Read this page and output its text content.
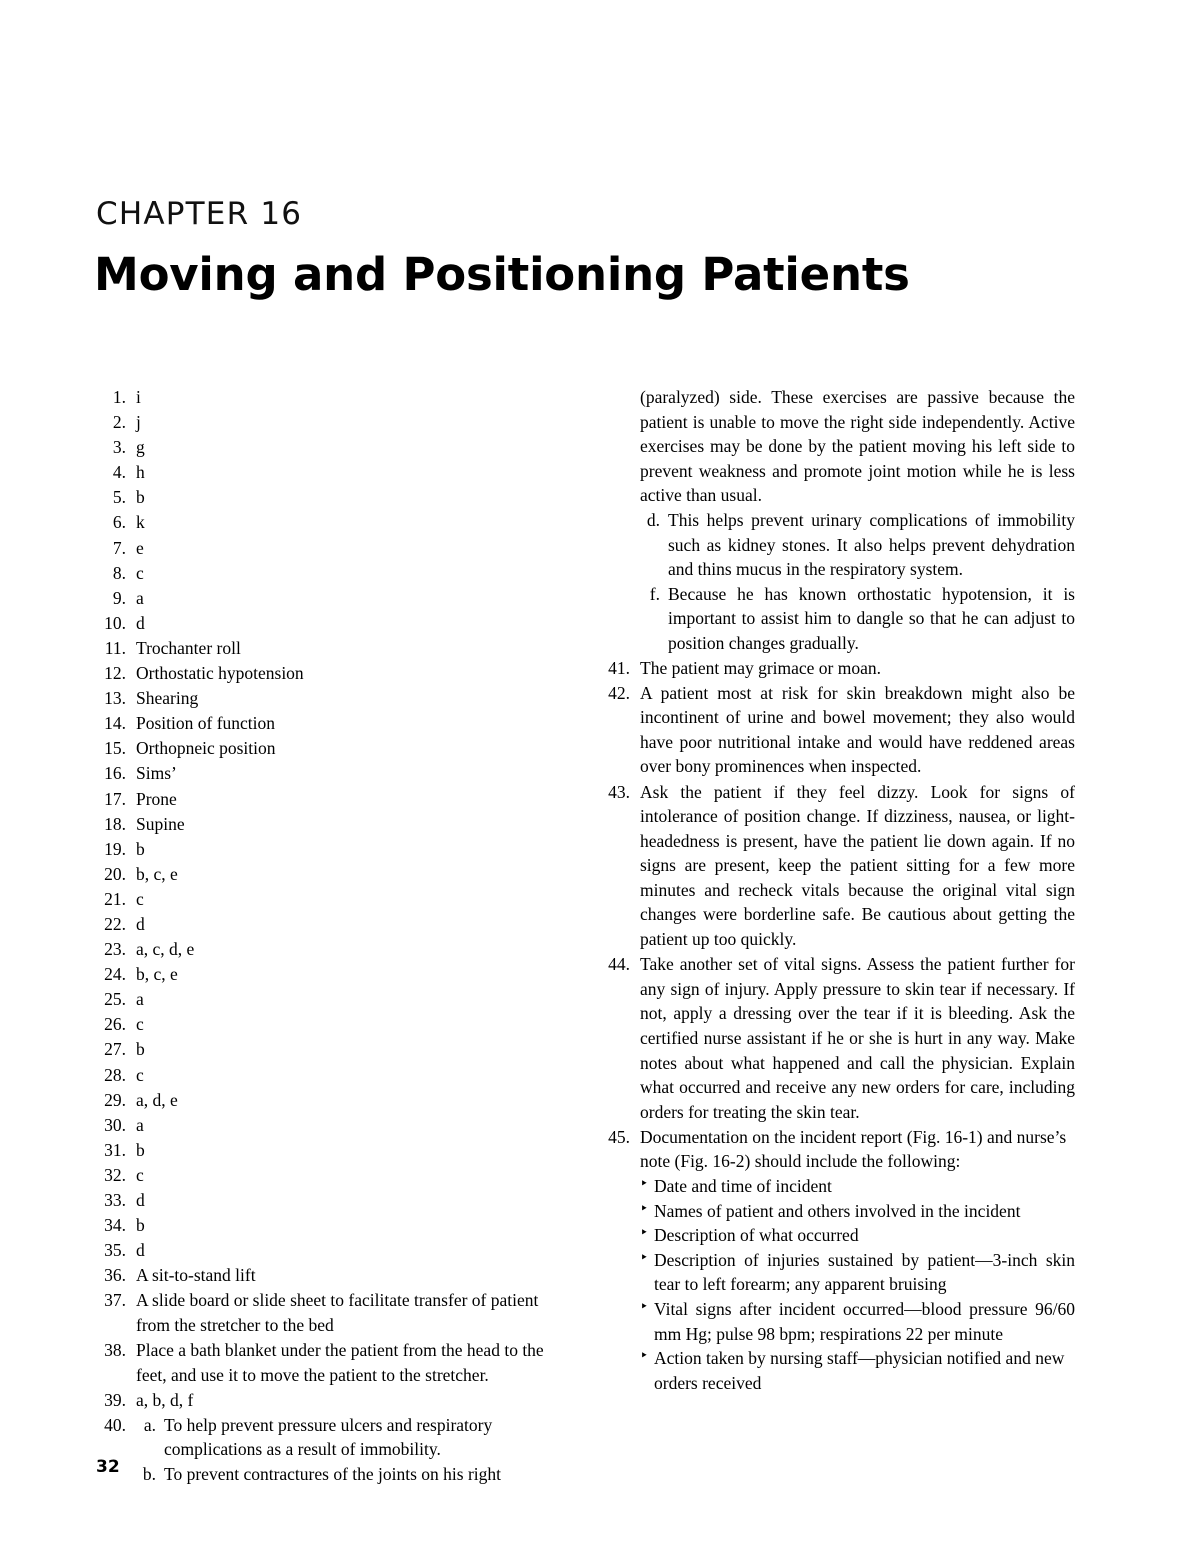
CHAPTER 16
Moving and Positioning Patients
1. i
2. j
3. g
4. h
5. b
6. k
7. e
8. c
9. a
10. d
11. Trochanter roll
12. Orthostatic hypotension
13. Shearing
14. Position of function
15. Orthopneic position
16. Sims’
17. Prone
18. Supine
19. b
20. b, c, e
21. c
22. d
23. a, c, d, e
24. b, c, e
25. a
26. c
27. b
28. c
29. a, d, e
30. a
31. b
32. c
33. d
34. b
35. d
36. A sit-to-stand lift
37. A slide board or slide sheet to facilitate transfer of patient from the stretcher to the bed
38. Place a bath blanket under the patient from the head to the feet, and use it to move the patient to the stretcher.
39. a, b, d, f
40.	a. To help prevent pressure ulcers and respiratory complications as a result of immobility.
b. To prevent contractures of the joints on his right

(paralyzed) side. These exercises are passive because the patient is unable to move the right side independently. Active exercises may be done by the patient moving his left side to prevent weakness and promote joint motion while he is less active than usual.

d. This helps prevent urinary complications of immobility such as kidney stones. It also helps prevent dehydration and thins mucus in the respiratory system.

f. Because he has known orthostatic hypotension, it is important to assist him to dangle so that he can adjust to position changes gradually.

41. The patient may grimace or moan.
42. A patient most at risk for skin breakdown might also be incontinent of urine and bowel movement; they also would have poor nutritional intake and would have reddened areas over bony prominences when inspected.
43. Ask the patient if they feel dizzy. Look for signs of intolerance of position change. If dizziness, nausea, or light-headedness is present, have the patient lie down again. If no signs are present, keep the patient sitting for a few more minutes and recheck vitals because the original vital sign changes were borderline safe. Be cautious about getting the patient up too quickly.
44. Take another set of vital signs. Assess the patient further for any sign of injury. Apply pressure to skin tear if necessary. If not, apply a dressing over the tear if it is bleeding. Ask the certified nurse assistant if he or she is hurt in any way. Make notes about what happened and call the physician. Explain what occurred and receive any new orders for care, including orders for treating the skin tear.
45. Documentation on the incident report (Fig. 16-1) and nurse’s note (Fig. 16-2) should include the following:
‣ Date and time of incident
‣ Names of patient and others involved in the incident
‣ Description of what occurred
‣ Description of injuries sustained by patient—3-inch skin tear to left forearm; any apparent bruising
‣ Vital signs after incident occurred—blood pressure 96/60 mm Hg; pulse 98 bpm; respirations 22 per minute
‣ Action taken by nursing staff—physician notified and new orders received
32
